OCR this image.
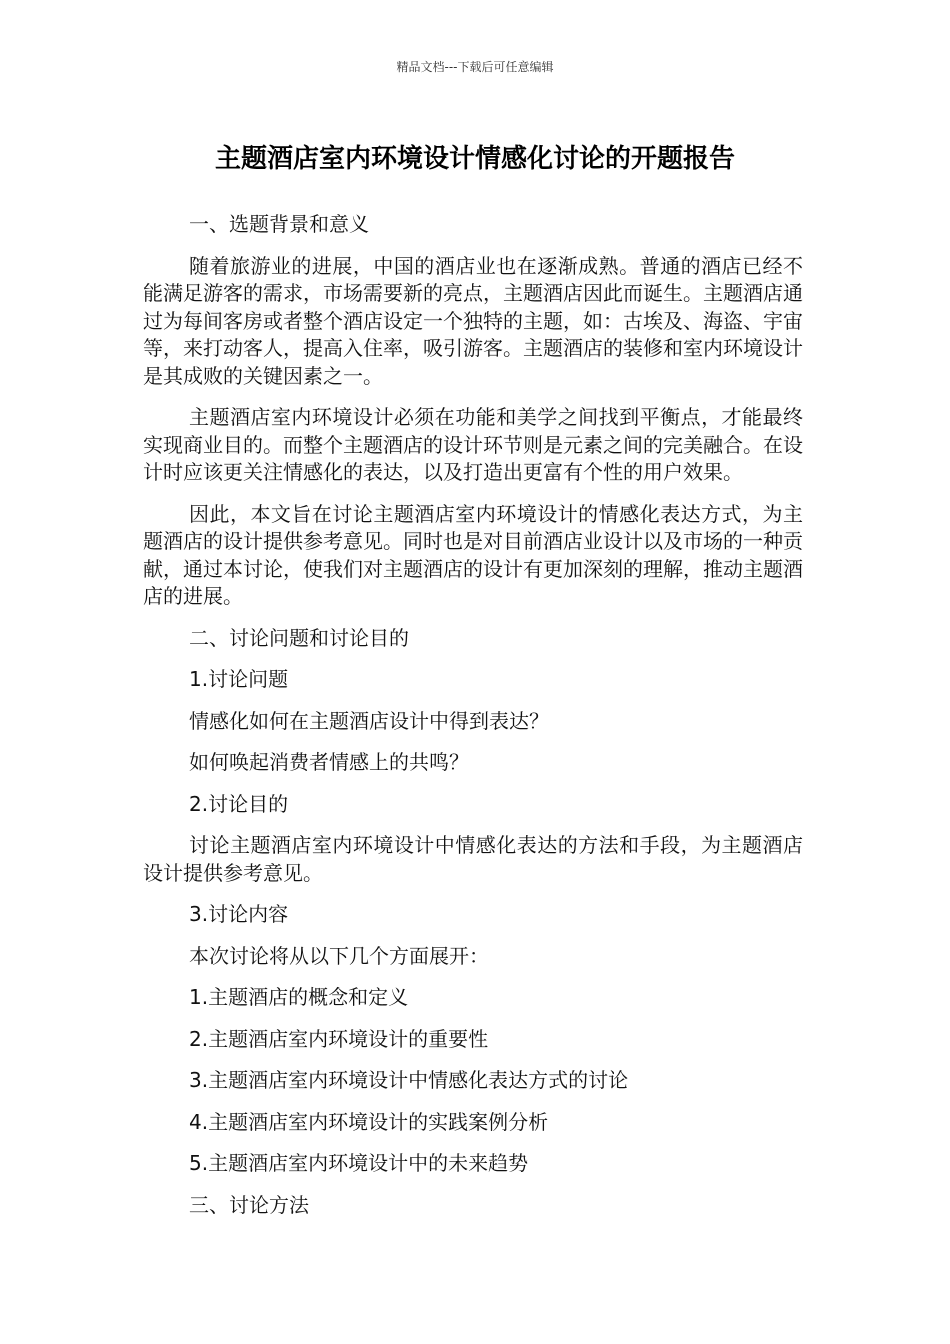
精品文档---下载后可任意编辑
主题酒店室内环境设计情感化讨论的开题报告

一、选题背景和意义

随着旅游业的进展，中国的酒店业也在逐渐成熟。普通的酒店已经不能满足游客的需求，市场需要新的亮点，主题酒店因此而诞生。主题酒店通过为每间客房或者整个酒店设定一个独特的主题，如：古埃及、海盗、宇宙等，来打动客人，提高入住率，吸引游客。主题酒店的装修和室内环境设计是其成败的关键因素之一。

主题酒店室内环境设计必须在功能和美学之间找到平衡点，才能最终实现商业目的。而整个主题酒店的设计环节则是元素之间的完美融合。在设计时应该更关注情感化的表达，以及打造出更富有个性的用户效果。

因此，本文旨在讨论主题酒店室内环境设计的情感化表达方式，为主题酒店的设计提供参考意见。同时也是对目前酒店业设计以及市场的一种贡献，通过本讨论，使我们对主题酒店的设计有更加深刻的理解，推动主题酒店的进展。

二、讨论问题和讨论目的

1.讨论问题

情感化如何在主题酒店设计中得到表达？

如何唤起消费者情感上的共鸣？

2.讨论目的

讨论主题酒店室内环境设计中情感化表达的方法和手段，为主题酒店设计提供参考意见。

3.讨论内容

本次讨论将从以下几个方面展开：

1.主题酒店的概念和定义
2.主题酒店室内环境设计的重要性
3.主题酒店室内环境设计中情感化表达方式的讨论
4.主题酒店室内环境设计的实践案例分析
5.主题酒店室内环境设计中的未来趋势

三、讨论方法
